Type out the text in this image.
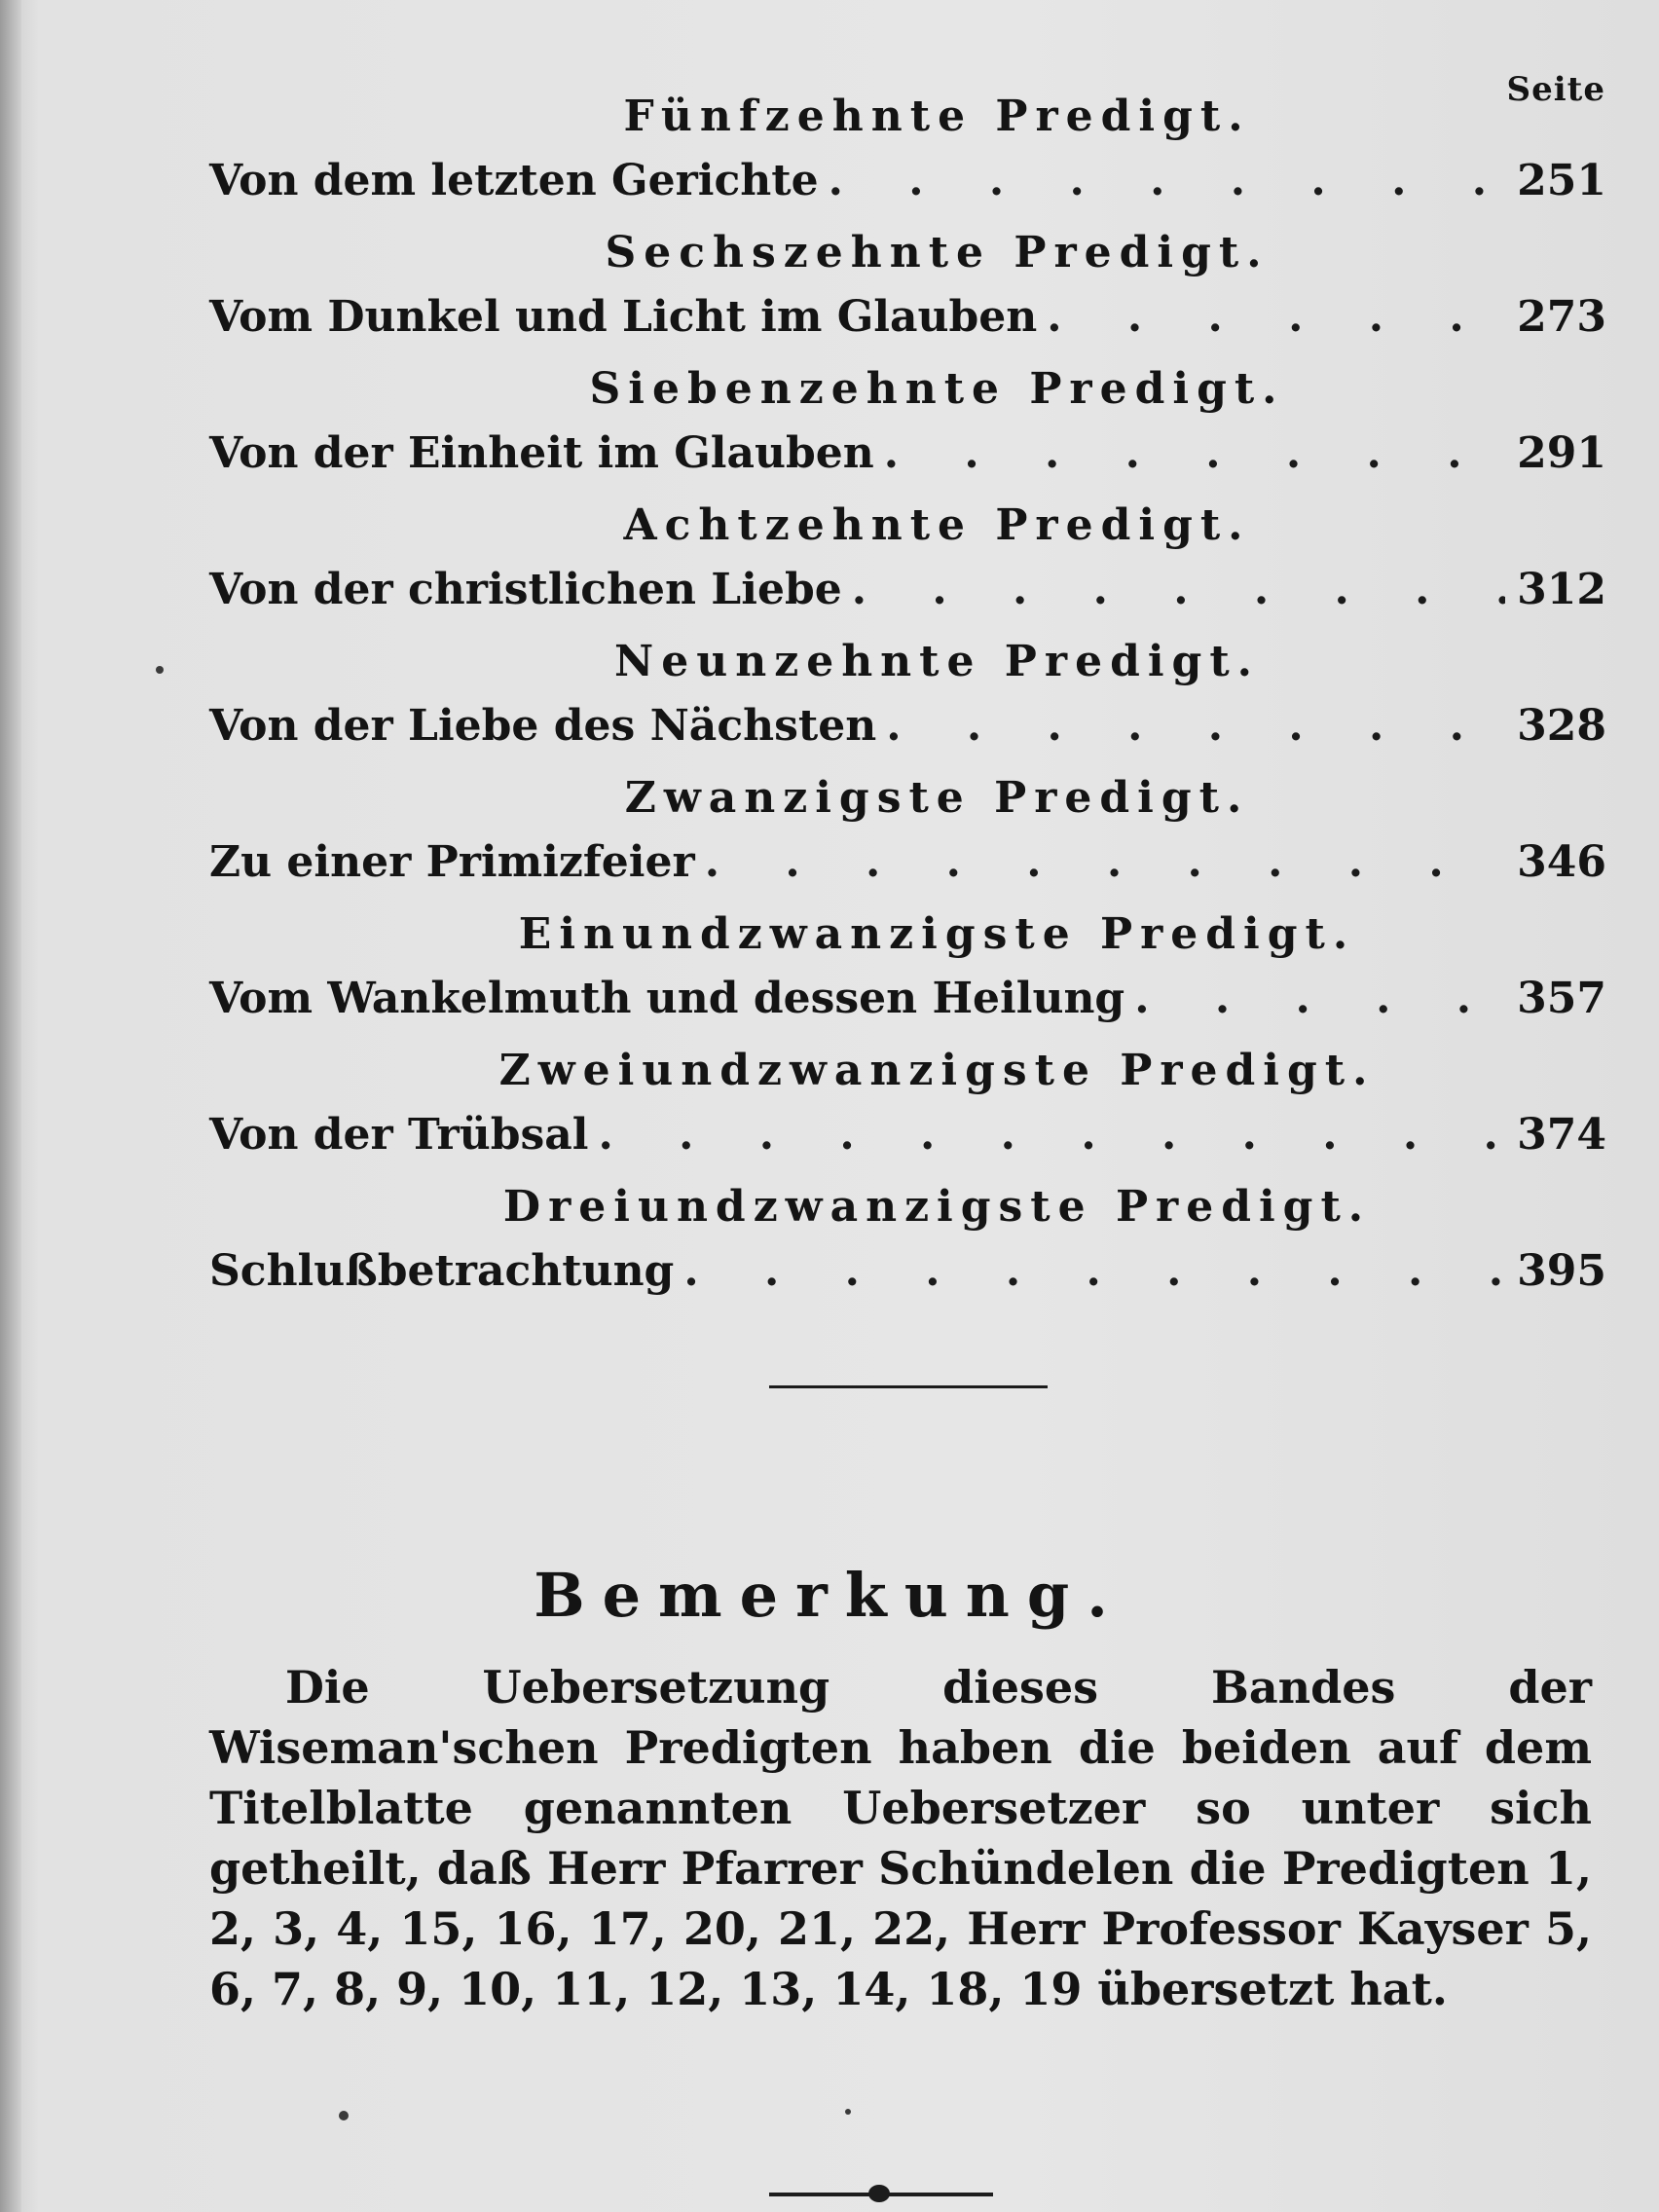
Seite
Fünfzehnte Predigt.
Von dem letzten Gerichte . . .	251
Sechszehnte Predigt.
Vom Dunkel und Licht im Glauben . . .	273
Siebenzehnte Predigt.
Von der Einheit im Glauben . . .	291
Achtzehnte Predigt.
Von der christlichen Liebe . . .	312
Neunzehnte Predigt.
Von der Liebe des Nächsten . . .	328
Zwanzigste Predigt.
Zu einer Primizfeier . . .	346
Einundzwanzigste Predigt.
Vom Wankelmuth und dessen Heilung . . .	357
Zweiundzwanzigste Predigt.
Von der Trübsal . . .	374
Dreiundzwanzigste Predigt.
Schlußbetrachtung . . .	395
Bemerkung.
Die Uebersetzung dieses Bandes der Wiseman'schen Predigten haben die beiden auf dem Titelblatte genannten Uebersetzer so unter sich getheilt, daß Herr Pfarrer Schündelen die Predigten 1, 2, 3, 4, 15, 16, 17, 20, 21, 22, Herr Professor Kayser 5, 6, 7, 8, 9, 10, 11, 12, 13, 14, 18, 19 übersetzt hat.
